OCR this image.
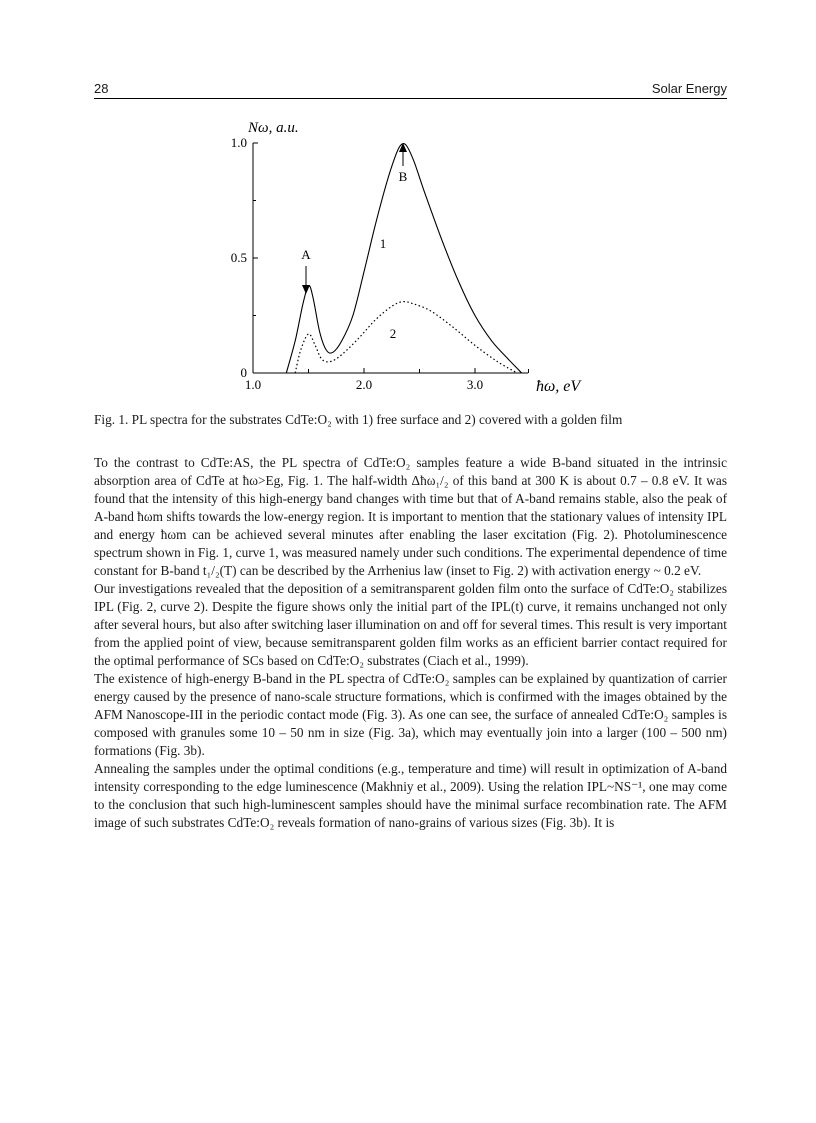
28	Solar Energy
0
0.5
1.0
1.0	2.0	3.0
Nω, a.u.
ħω, eV
A
B
1
2
Fig. 1. PL spectra for the substrates CdTe:O₂ with 1) free surface and 2) covered with a golden film

To the contrast to CdTe:AS, the PL spectra of CdTe:O₂ samples feature a wide B-band situated in the intrinsic absorption area of CdTe at ħω>Eg, Fig. 1. The half-width Δħω₁/₂ of this band at 300 K is about 0.7 – 0.8 eV. It was found that the intensity of this high-energy band changes with time but that of A-band remains stable, also the peak of A-band ħωm shifts towards the low-energy region. It is important to mention that the stationary values of intensity IPL and energy ħωm can be achieved several minutes after enabling the laser excitation (Fig. 2). Photoluminescence spectrum shown in Fig. 1, curve 1, was measured namely under such conditions. The experimental dependence of time constant for B-band t₁/₂(T) can be described by the Arrhenius law (inset to Fig. 2) with activation energy ~ 0.2 eV.

Our investigations revealed that the deposition of a semitransparent golden film onto the surface of CdTe:O₂ stabilizes IPL (Fig. 2, curve 2). Despite the figure shows only the initial part of the IPL(t) curve, it remains unchanged not only after several hours, but also after switching laser illumination on and off for several times. This result is very important from the applied point of view, because semitransparent golden film works as an efficient barrier contact required for the optimal performance of SCs based on CdTe:O₂ substrates (Ciach et al., 1999).

The existence of high-energy B-band in the PL spectra of CdTe:O₂ samples can be explained by quantization of carrier energy caused by the presence of nano-scale structure formations, which is confirmed with the images obtained by the AFM Nanoscope-III in the periodic contact mode (Fig. 3). As one can see, the surface of annealed CdTe:O₂ samples is composed with granules some 10 – 50 nm in size (Fig. 3a), which may eventually join into a larger (100 – 500 nm) formations (Fig. 3b).

Annealing the samples under the optimal conditions (e.g., temperature and time) will result in optimization of A-band intensity corresponding to the edge luminescence (Makhniy et al., 2009). Using the relation IPL~NS⁻¹, one may come to the conclusion that such high-luminescent samples should have the minimal surface recombination rate. The AFM image of such substrates CdTe:O₂ reveals formation of nano-grains of various sizes (Fig. 3b). It is
